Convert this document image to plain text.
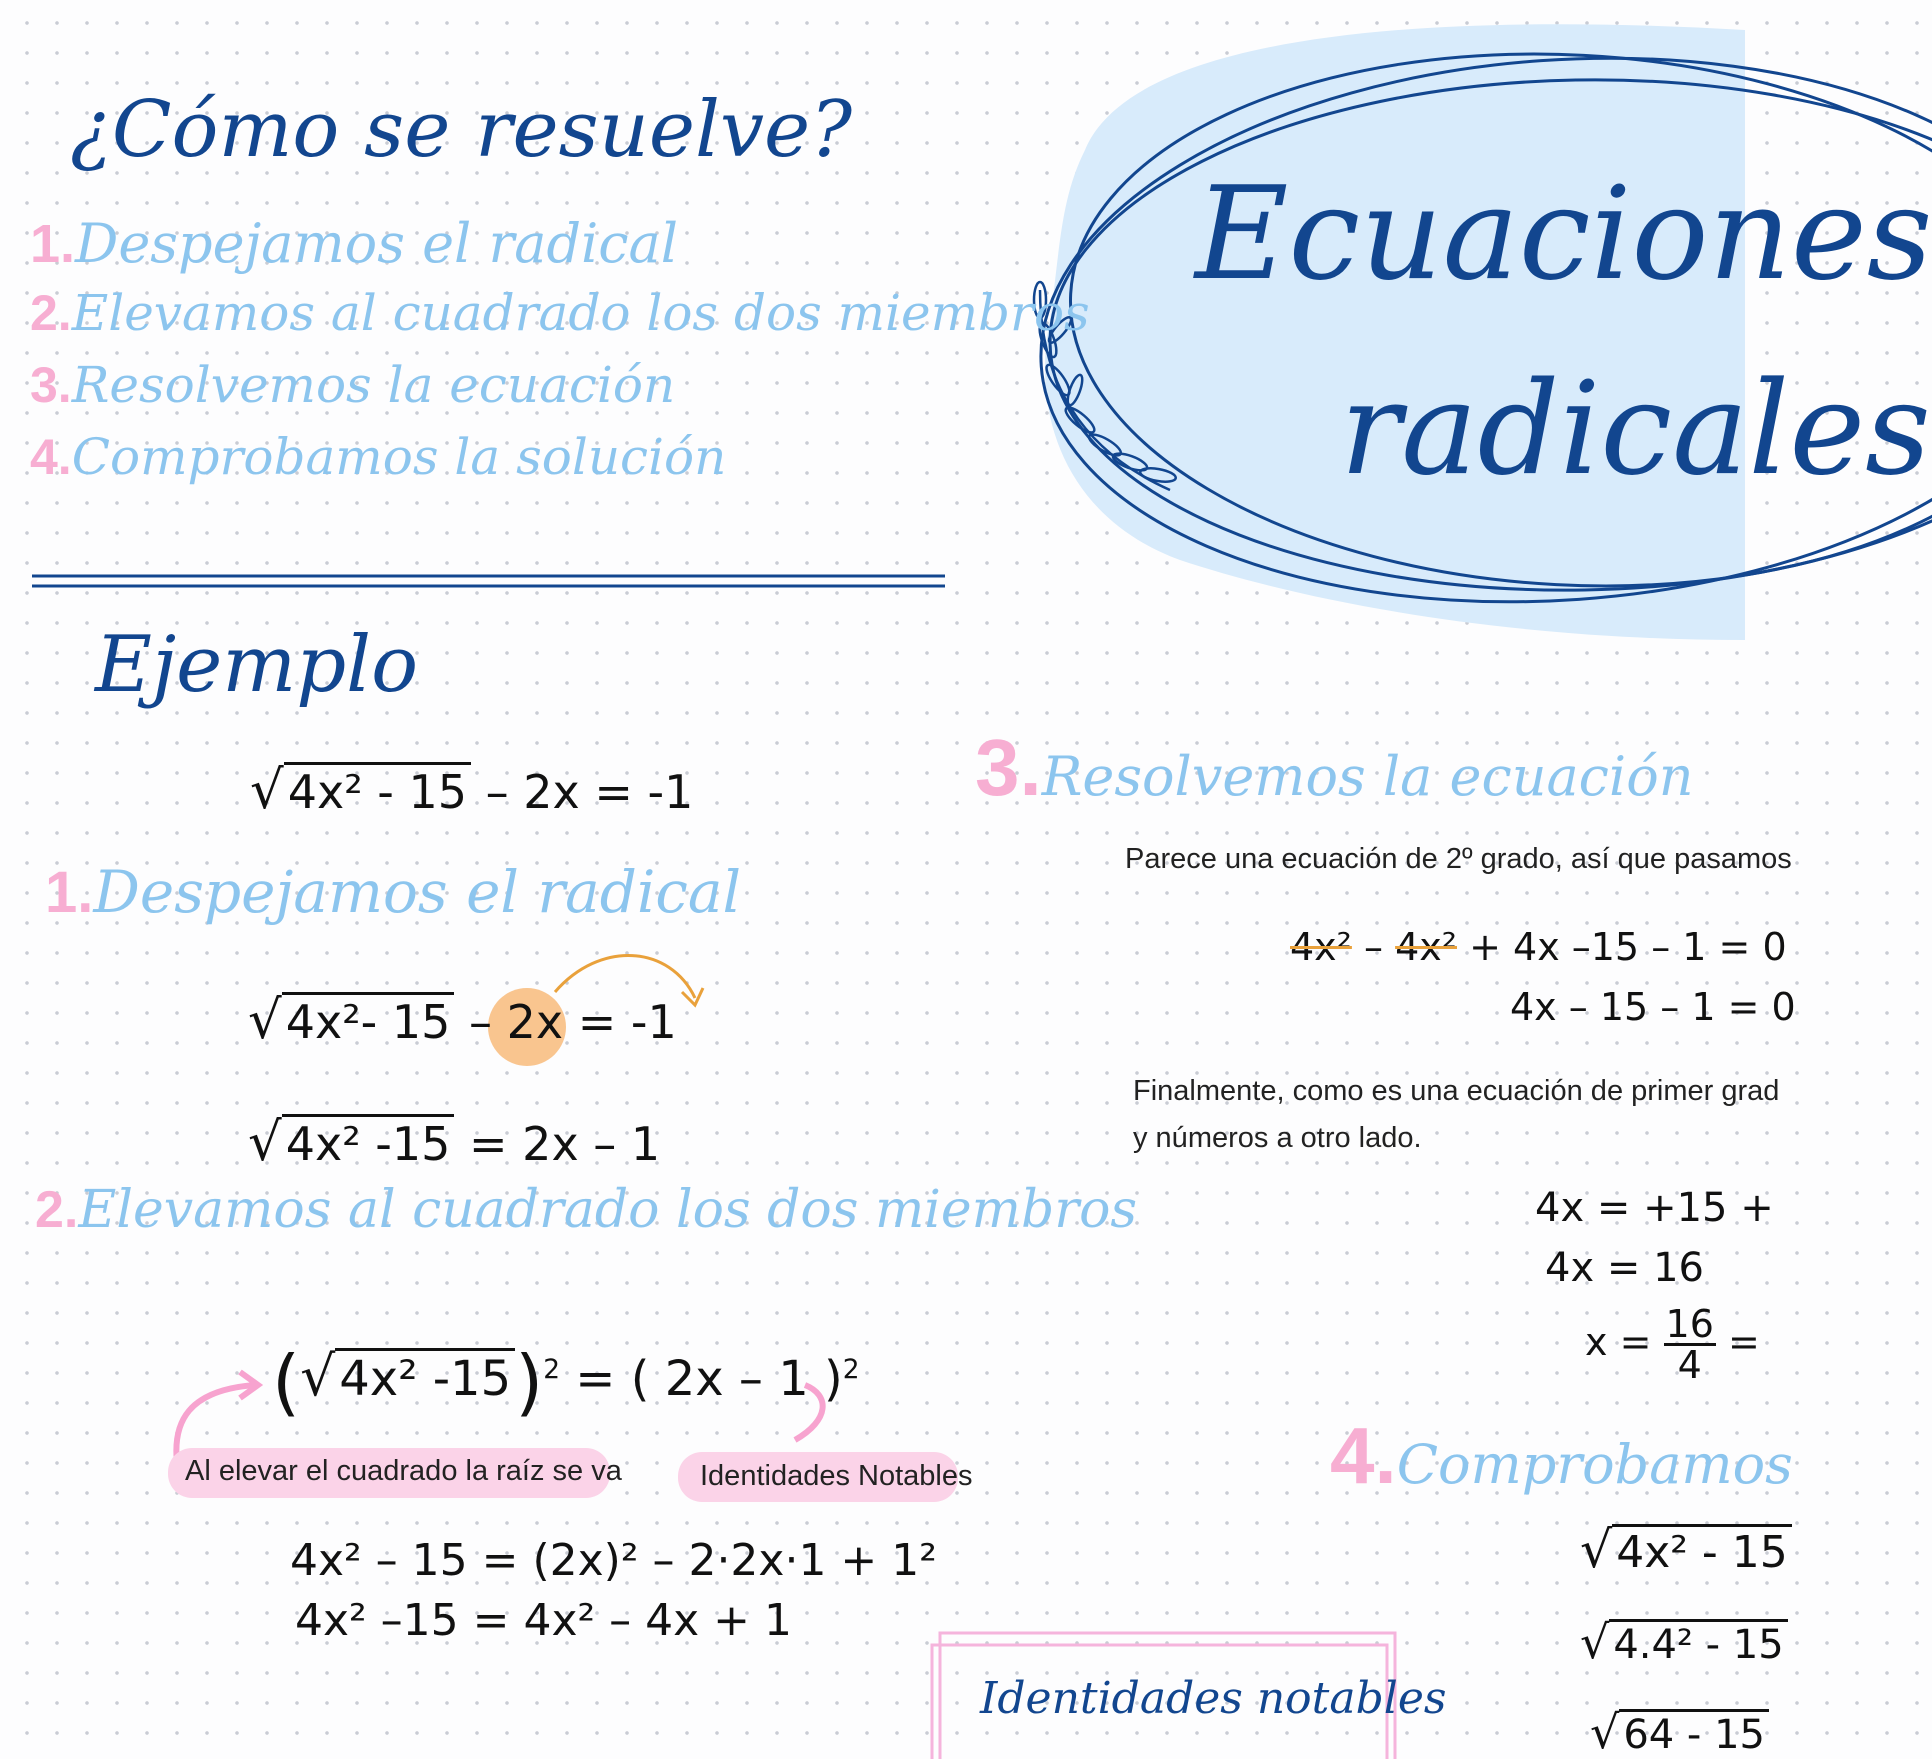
¿Cómo se resuelve?
1.Despejamos el radical
2.Elevamos al cuadrado los dos miembros
3.Resolvemos la ecuación
4.Comprobamos la solución
Ecuaciones
radicales
Ejemplo
√4x² - 15 – 2x = -1
1.Despejamos el radical
√4x²- 15 – 2x = -1
√4x² -15 = 2x – 1
2.Elevamos al cuadrado los dos miembros
(√4x² -15)$^2$ = ( 2x – 1 )$^2$
Al elevar el cuadrado la raíz se va	Identidades Notables
4x² – 15 = (2x)² – 2·2x·1 + 1²
4x² –15 = 4x² – 4x + 1
Identidades notables
3.Resolvemos la ecuación
Parece una ecuación de 2º grado, así que pasamos
4x² – 4x² + 4x –15 – 1 = 0
4x – 15 – 1 = 0
Finalmente, como es una ecuación de primer grad
y números a otro lado.
4x = +15 +
4x = 16
$x = \frac{16}{4}$ =
4.Comprobamos
√4x² - 15
√ 4.4² - 15
√ 64 - 15
